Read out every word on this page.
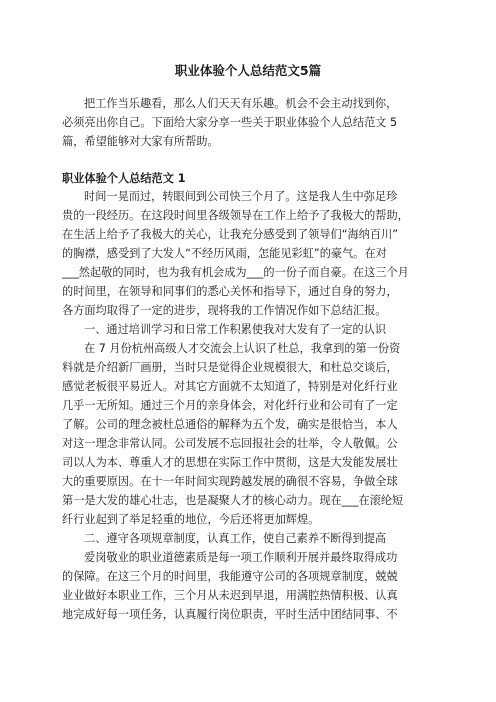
职业体验个人总结范文5篇
把工作当乐趣看，那么人们天天有乐趣。机会不会主动找到你，
必须亮出你自己。下面给大家分享一些关于职业体验个人总结范文 5
篇，希望能够对大家有所帮助。
职业体验个人总结范文 1
时间一晃而过，转眼间到公司快三个月了。这是我人生中弥足珍
贵的一段经历。在这段时间里各级领导在工作上给予了我极大的帮助，
在生活上给予了我极大的关心，让我充分感受到了领导们“海纳百川”
的胸襟，感受到了大发人“不经历风雨，怎能见彩虹”的豪气。在对
___然起敬的同时，也为我有机会成为___的一份子而自豪。在这三个月
的时间里，在领导和同事们的悉心关怀和指导下，通过自身的努力，
各方面均取得了一定的进步，现将我的工作情况作如下总结汇报。
一、通过培训学习和日常工作积累使我对大发有了一定的认识
在 7 月份杭州高级人才交流会上认识了杜总，我拿到的第一份资
料就是介绍新厂画册，当时只是觉得企业规模很大，和杜总交谈后，
感觉老板很平易近人。对其它方面就不太知道了，特别是对化纤行业
几乎一无所知。通过三个月的亲身体会，对化纤行业和公司有了一定
了解。公司的理念被杜总通俗的解释为五个发，确实是很恰当，本人
对这一理念非常认同。公司发展不忘回报社会的壮举，令人敬佩。公
司以人为本、尊重人才的思想在实际工作中贯彻，这是大发能发展壮
大的重要原因。在十一年时间实现跨越发展的确很不容易，争做全球
第一是大发的雄心壮志，也是凝聚人才的核心动力。现在___在滚纶短
纤行业起到了举足轻重的地位，今后还将更加辉煌。
二、遵守各项规章制度，认真工作，使自己素养不断得到提高
爱岗敬业的职业道德素质是每一项工作顺利开展并最终取得成功
的保障。在这三个月的时间里，我能遵守公司的各项规章制度，兢兢
业业做好本职业工作，三个月从未迟到早退，用满腔热情积极、认真
地完成好每一项任务，认真履行岗位职责，平时生活中团结同事、不
